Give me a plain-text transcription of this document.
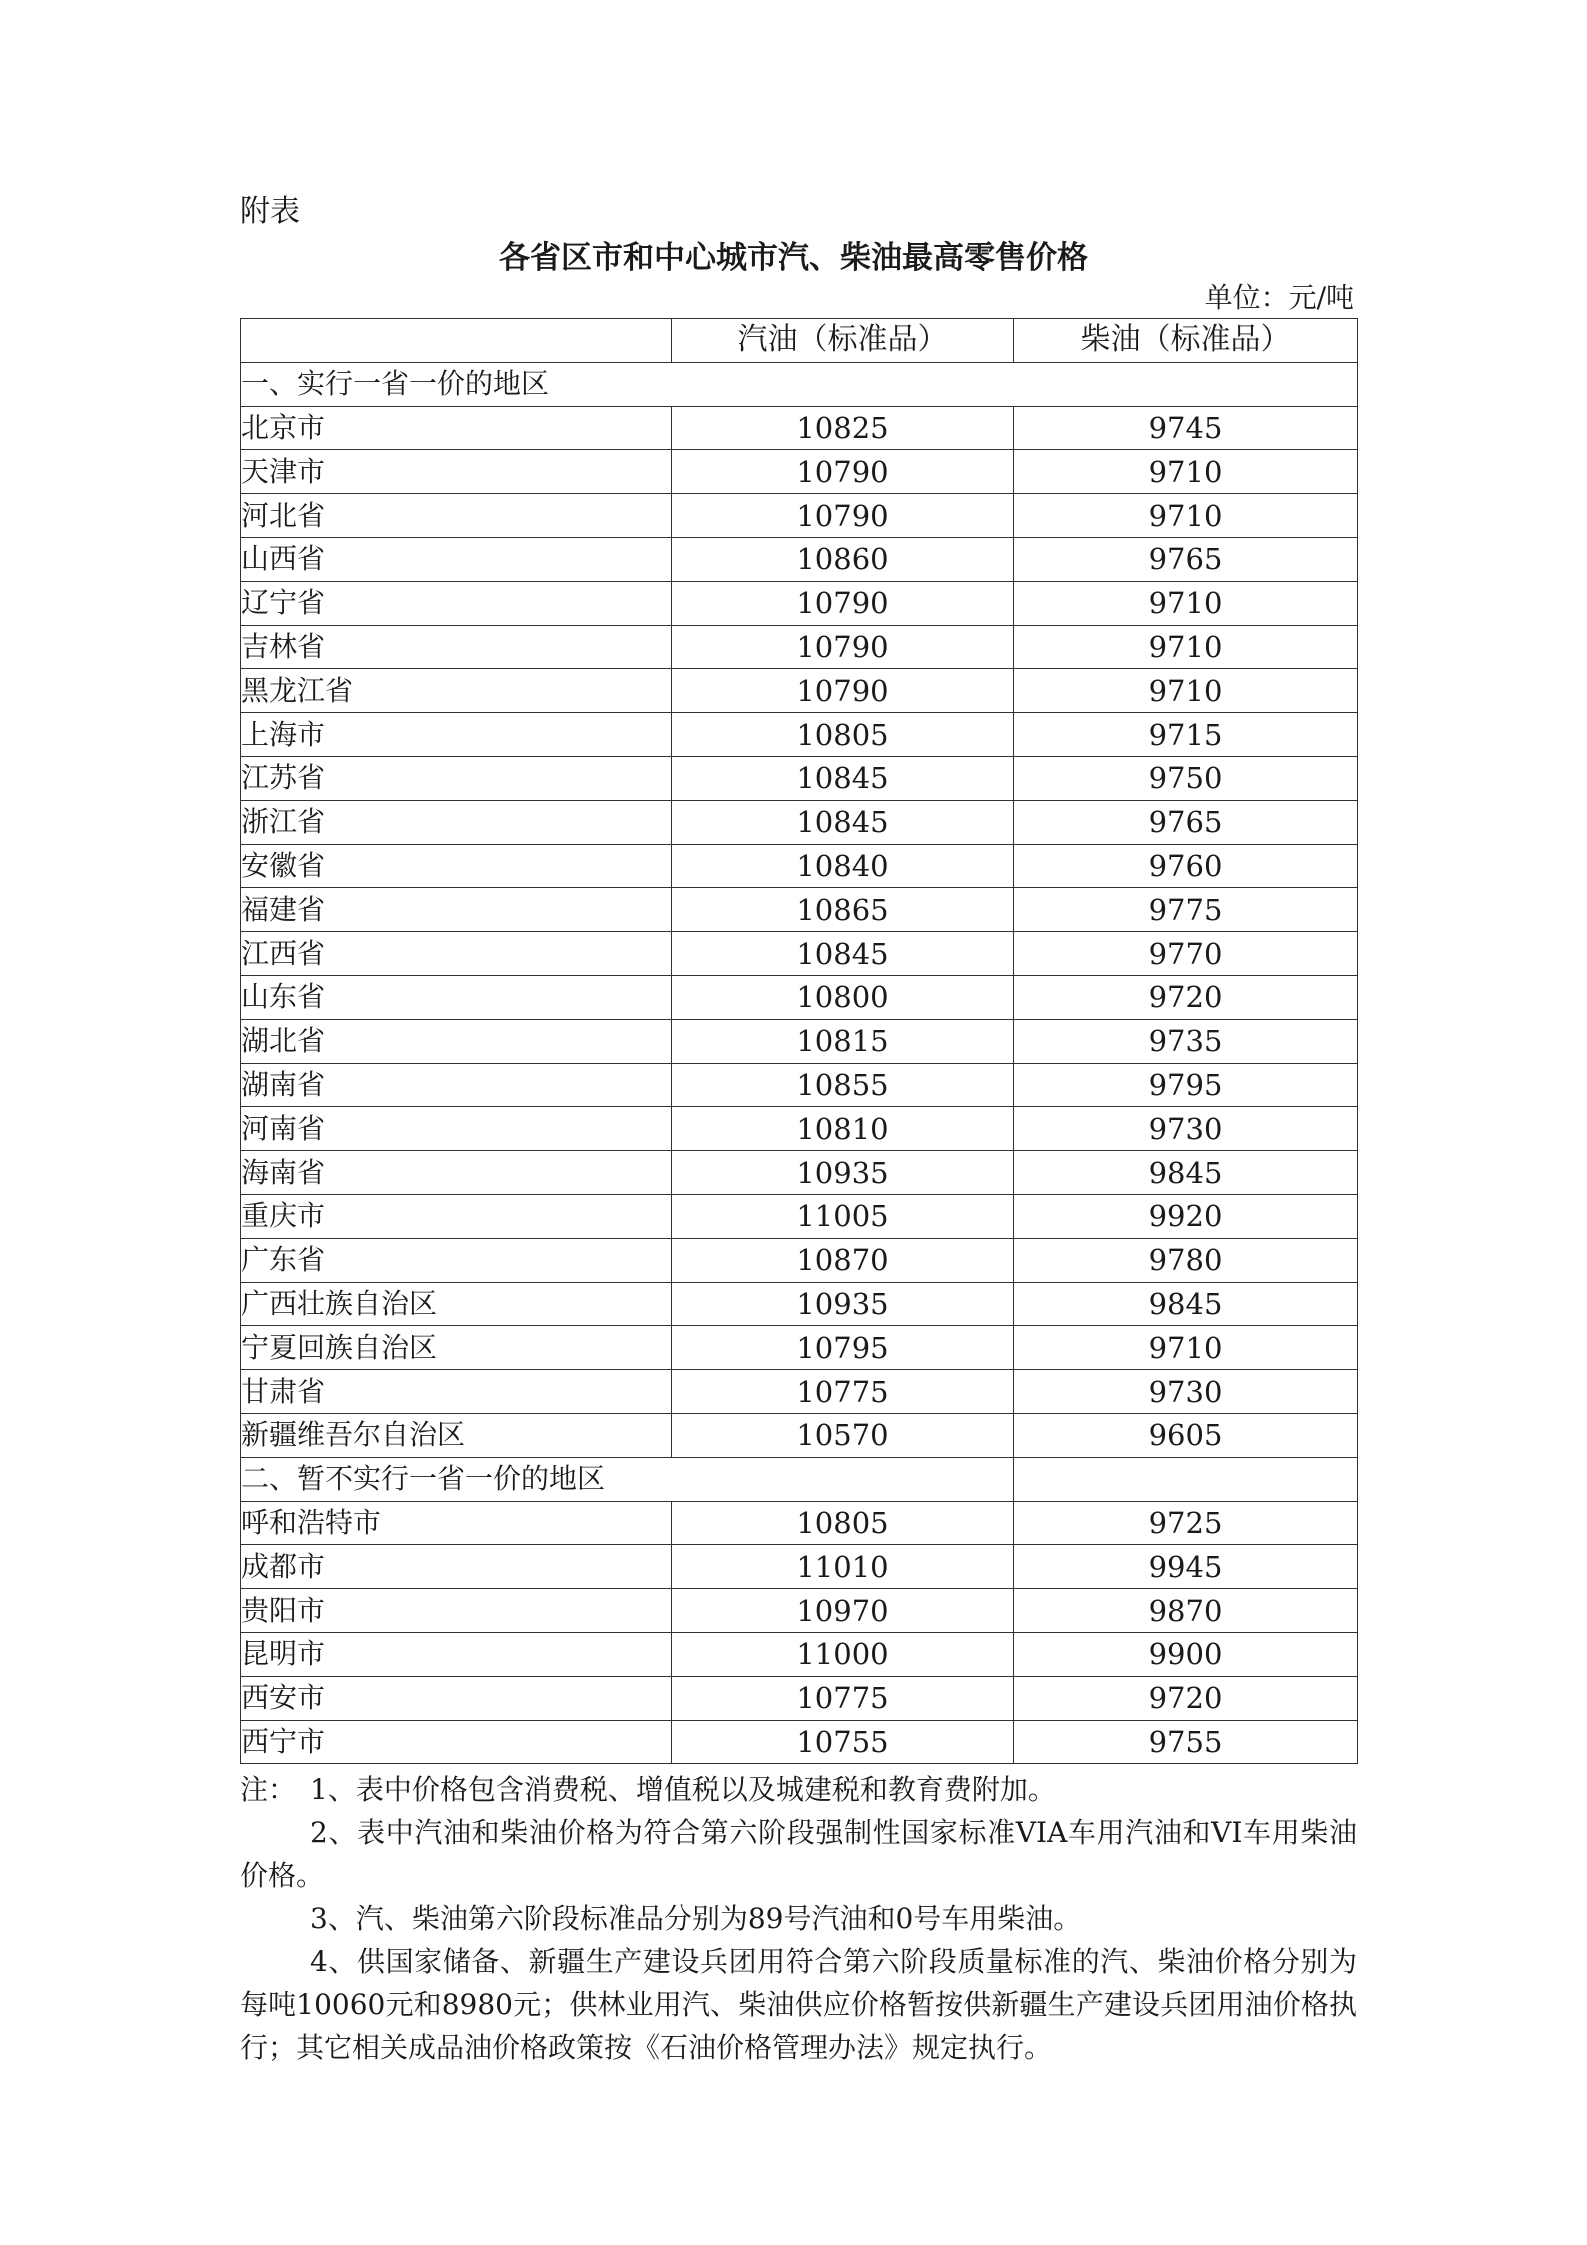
附表
各省区市和中心城市汽、柴油最高零售价格
单位：元/吨
	汽油（标准品）	柴油（标准品）
一、实行一省一价的地区		
北京市	10825	9745
天津市	10790	9710
河北省	10790	9710
山西省	10860	9765
辽宁省	10790	9710
吉林省	10790	9710
黑龙江省	10790	9710
上海市	10805	9715
江苏省	10845	9750
浙江省	10845	9765
安徽省	10840	9760
福建省	10865	9775
江西省	10845	9770
山东省	10800	9720
湖北省	10815	9735
湖南省	10855	9795
河南省	10810	9730
海南省	10935	9845
重庆市	11005	9920
广东省	10870	9780
广西壮族自治区	10935	9845
宁夏回族自治区	10795	9710
甘肃省	10775	9730
新疆维吾尔自治区	10570	9605
二、暂不实行一省一价的地区		
呼和浩特市	10805	9725
成都市	11010	9945
贵阳市	10970	9870
昆明市	11000	9900
西安市	10775	9720
西宁市	10755	9755

注： 1、表中价格包含消费税、增值税以及城建税和教育费附加。

2、表中汽油和柴油价格为符合第六阶段强制性国家标准VIA车用汽油和VI车用柴油价格。

3、汽、柴油第六阶段标准品分别为89号汽油和0号车用柴油。

4、供国家储备、新疆生产建设兵团用符合第六阶段质量标准的汽、柴油价格分别为每吨10060元和8980元；供林业用汽、柴油供应价格暂按供新疆生产建设兵团用油价格执行；其它相关成品油价格政策按《石油价格管理办法》规定执行。
